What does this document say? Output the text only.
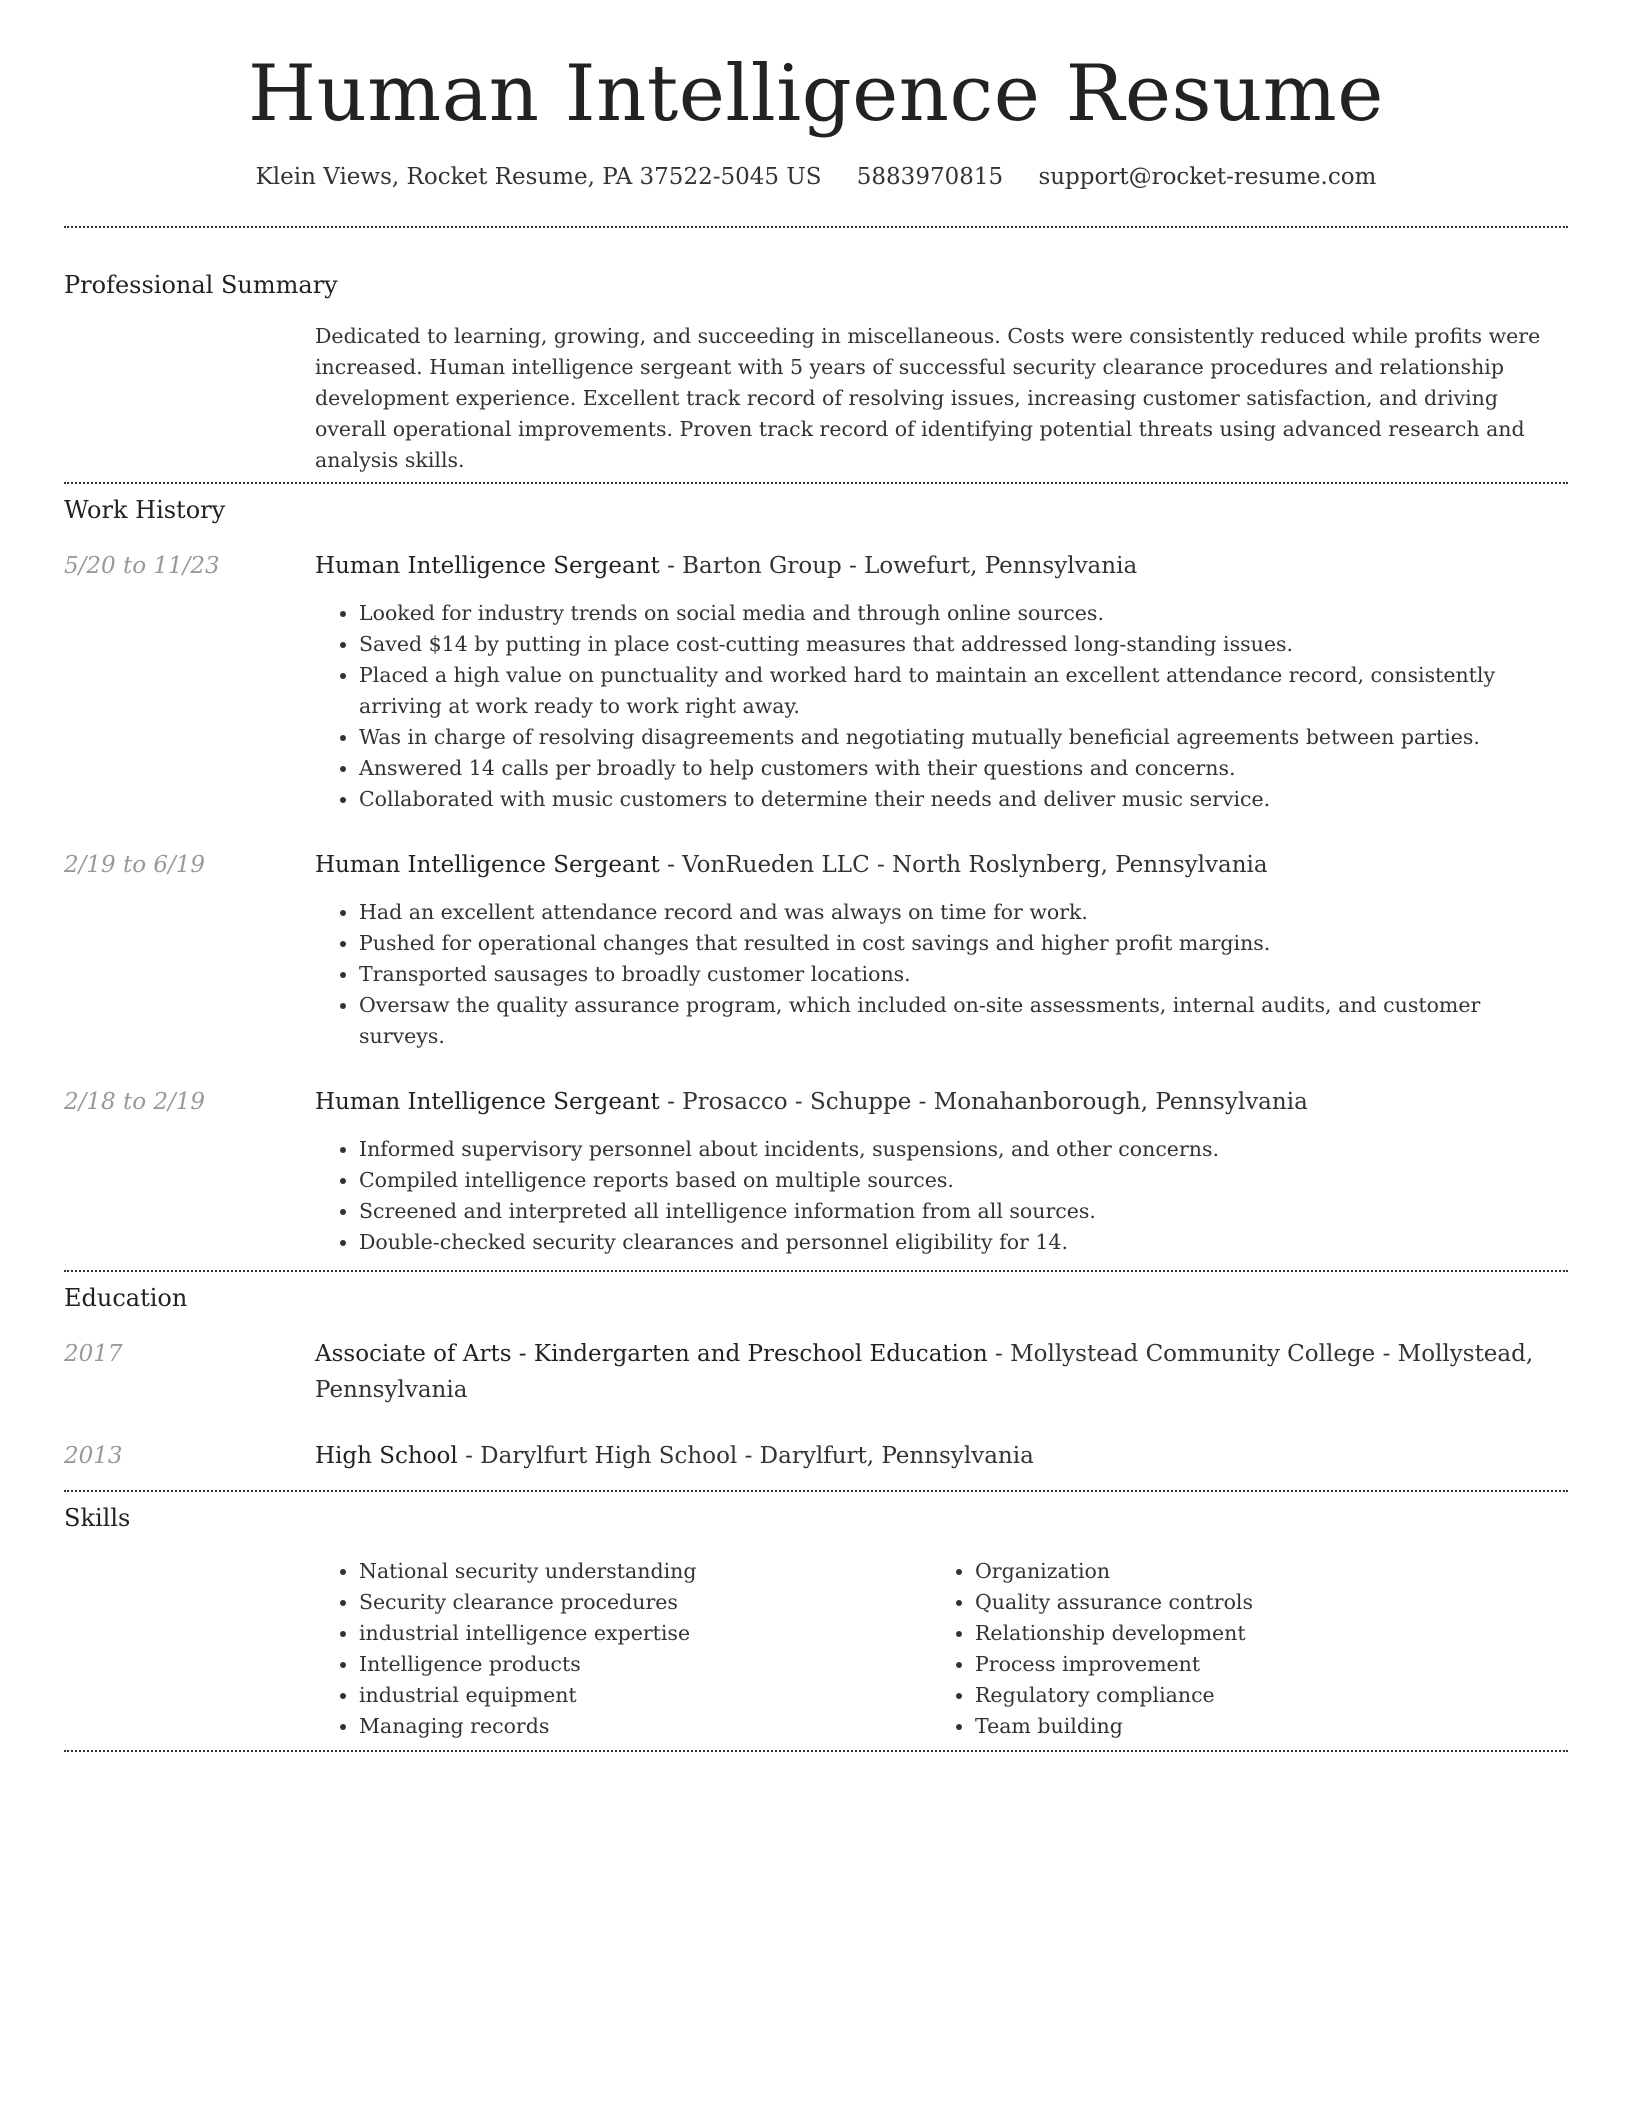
Human Intelligence Resume
Klein Views, Rocket Resume, PA 37522-5045 US 5883970815 support@rocket-resume.com
Professional Summary
Dedicated to learning, growing, and succeeding in miscellaneous. Costs were consistently reduced while profits were increased. Human intelligence sergeant with 5 years of successful security clearance procedures and relationship development experience. Excellent track record of resolving issues, increasing customer satisfaction, and driving overall operational improvements. Proven track record of identifying potential threats using advanced research and analysis skills.
Work History
5/20 to 11/23	Human Intelligence Sergeant - Barton Group - Lowefurt, Pennsylvania
• Looked for industry trends on social media and through online sources.
• Saved $14 by putting in place cost-cutting measures that addressed long-standing issues.
• Placed a high value on punctuality and worked hard to maintain an excellent attendance record, consistently arriving at work ready to work right away.
• Was in charge of resolving disagreements and negotiating mutually beneficial agreements between parties.
• Answered 14 calls per broadly to help customers with their questions and concerns.
• Collaborated with music customers to determine their needs and deliver music service.
2/19 to 6/19	Human Intelligence Sergeant - VonRueden LLC - North Roslynberg, Pennsylvania
• Had an excellent attendance record and was always on time for work.
• Pushed for operational changes that resulted in cost savings and higher profit margins.
• Transported sausages to broadly customer locations.
• Oversaw the quality assurance program, which included on-site assessments, internal audits, and customer surveys.
2/18 to 2/19	Human Intelligence Sergeant - Prosacco - Schuppe - Monahanborough, Pennsylvania
• Informed supervisory personnel about incidents, suspensions, and other concerns.
• Compiled intelligence reports based on multiple sources.
• Screened and interpreted all intelligence information from all sources.
• Double-checked security clearances and personnel eligibility for 14.
Education
2017	Associate of Arts - Kindergarten and Preschool Education - Mollystead Community College - Mollystead, Pennsylvania
2013	High School - Darylfurt High School - Darylfurt, Pennsylvania
Skills
• National security understanding
• Security clearance procedures
• industrial intelligence expertise
• Intelligence products
• industrial equipment
• Managing records
• Organization
• Quality assurance controls
• Relationship development
• Process improvement
• Regulatory compliance
• Team building
